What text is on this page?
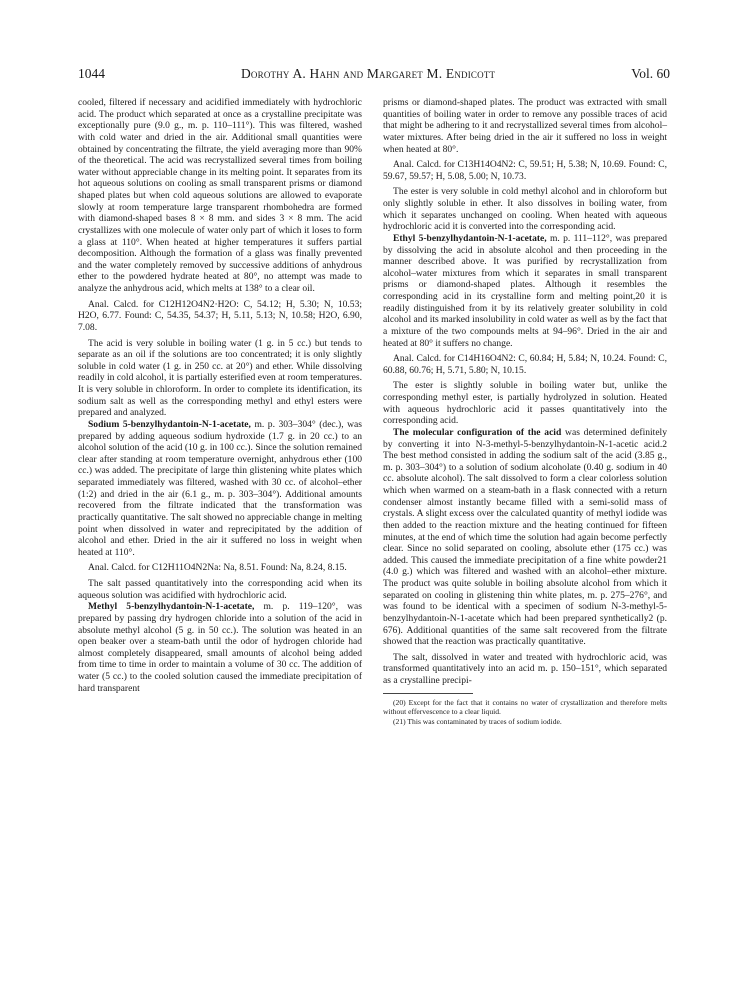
1044	Dorothy A. Hahn and Margaret M. Endicott	Vol. 60

cooled, filtered if necessary and acidified immediately with hydrochloric acid. The product which separated at once as a crystalline precipitate was exceptionally pure (9.0 g., m. p. 110–111°). This was filtered, washed with cold water and dried in the air. Additional small quantities were obtained by concentrating the filtrate, the yield averaging more than 90% of the theoretical. The acid was recrystallized several times from boiling water without appreciable change in its melting point. It separates from its hot aqueous solutions on cooling as small transparent prisms or diamond shaped plates but when cold aqueous solutions are allowed to evaporate slowly at room temperature large transparent rhombohedra are formed with diamond-shaped bases 8 × 8 mm. and sides 3 × 8 mm. The acid crystallizes with one molecule of water only part of which it loses to form a glass at 110°. When heated at higher temperatures it suffers partial decomposition. Although the formation of a glass was finally prevented and the water completely removed by successive additions of anhydrous ether to the powdered hydrate heated at 80°, no attempt was made to analyze the anhydrous acid, which melts at 138° to a clear oil.

Anal. Calcd. for C12H12O4N2·H2O: C, 54.12; H, 5.30; N, 10.53; H2O, 6.77. Found: C, 54.35, 54.37; H, 5.11, 5.13; N, 10.58; H2O, 6.90, 7.08.

The acid is very soluble in boiling water (1 g. in 5 cc.) but tends to separate as an oil if the solutions are too concentrated; it is only slightly soluble in cold water (1 g. in 250 cc. at 20°) and ether. While dissolving readily in cold alcohol, it is partially esterified even at room temperatures. It is very soluble in chloroform. In order to complete its identification, its sodium salt as well as the corresponding methyl and ethyl esters were prepared and analyzed.

Sodium 5-benzylhydantoin-N-1-acetate, m. p. 303–304° (dec.), was prepared by adding aqueous sodium hydroxide (1.7 g. in 20 cc.) to an alcohol solution of the acid (10 g. in 100 cc.). Since the solution remained clear after standing at room temperature overnight, anhydrous ether (100 cc.) was added. The precipitate of large thin glistening white plates which separated immediately was filtered, washed with 30 cc. of alcohol–ether (1:2) and dried in the air (6.1 g., m. p. 303–304°). Additional amounts recovered from the filtrate indicated that the transformation was practically quantitative. The salt showed no appreciable change in melting point when dissolved in water and reprecipitated by the addition of alcohol and ether. Dried in the air it suffered no loss in weight when heated at 110°.

Anal. Calcd. for C12H11O4N2Na: Na, 8.51. Found: Na, 8.24, 8.15.

The salt passed quantitatively into the corresponding acid when its aqueous solution was acidified with hydrochloric acid.

Methyl 5-benzylhydantoin-N-1-acetate, m. p. 119–120°, was prepared by passing dry hydrogen chloride into a solution of the acid in absolute methyl alcohol (5 g. in 50 cc.). The solution was heated in an open beaker over a steam-bath until the odor of hydrogen chloride had almost completely disappeared, small amounts of alcohol being added from time to time in order to maintain a volume of 30 cc. The addition of water (5 cc.) to the cooled solution caused the immediate precipitation of hard transparent

prisms or diamond-shaped plates. The product was extracted with small quantities of boiling water in order to remove any possible traces of acid that might be adhering to it and recrystallized several times from alcohol–water mixtures. After being dried in the air it suffered no loss in weight when heated at 80°.

Anal. Calcd. for C13H14O4N2: C, 59.51; H, 5.38; N, 10.69. Found: C, 59.67, 59.57; H, 5.08, 5.00; N, 10.73.

The ester is very soluble in cold methyl alcohol and in chloroform but only slightly soluble in ether. It also dissolves in boiling water, from which it separates unchanged on cooling. When heated with aqueous hydrochloric acid it is converted into the corresponding acid.

Ethyl 5-benzylhydantoin-N-1-acetate, m. p. 111–112°, was prepared by dissolving the acid in absolute alcohol and then proceeding in the manner described above. It was purified by recrystallization from alcohol–water mixtures from which it separates in small transparent prisms or diamond-shaped plates. Although it resembles the corresponding acid in its crystalline form and melting point,20 it is readily distinguished from it by its relatively greater solubility in cold alcohol and its marked insolubility in cold water as well as by the fact that a mixture of the two compounds melts at 94–96°. Dried in the air and heated at 80° it suffers no change.

Anal. Calcd. for C14H16O4N2: C, 60.84; H, 5.84; N, 10.24. Found: C, 60.88, 60.76; H, 5.71, 5.80; N, 10.15.

The ester is slightly soluble in boiling water but, unlike the corresponding methyl ester, is partially hydrolyzed in solution. Heated with aqueous hydrochloric acid it passes quantitatively into the corresponding acid.

The molecular configuration of the acid was determined definitely by converting it into N-3-methyl-5-benzylhydantoin-N-1-acetic acid.2 The best method consisted in adding the sodium salt of the acid (3.85 g., m. p. 303–304°) to a solution of sodium alcoholate (0.40 g. sodium in 40 cc. absolute alcohol). The salt dissolved to form a clear colorless solution which when warmed on a steam-bath in a flask connected with a return condenser almost instantly became filled with a semi-solid mass of crystals. A slight excess over the calculated quantity of methyl iodide was then added to the reaction mixture and the heating continued for fifteen minutes, at the end of which time the solution had again become perfectly clear. Since no solid separated on cooling, absolute ether (175 cc.) was added. This caused the immediate precipitation of a fine white powder21 (4.0 g.) which was filtered and washed with an alcohol–ether mixture. The product was quite soluble in boiling absolute alcohol from which it separated on cooling in glistening thin white plates, m. p. 275–276°, and was found to be identical with a specimen of sodium N-3-methyl-5-benzylhydantoin-N-1-acetate which had been prepared synthetically2 (p. 676). Additional quantities of the same salt recovered from the filtrate showed that the reaction was practically quantitative.

The salt, dissolved in water and treated with hydrochloric acid, was transformed quantitatively into an acid m. p. 150–151°, which separated as a crystalline precipi-

(20) Except for the fact that it contains no water of crystallization and therefore melts without effervescence to a clear liquid.

(21) This was contaminated by traces of sodium iodide.
